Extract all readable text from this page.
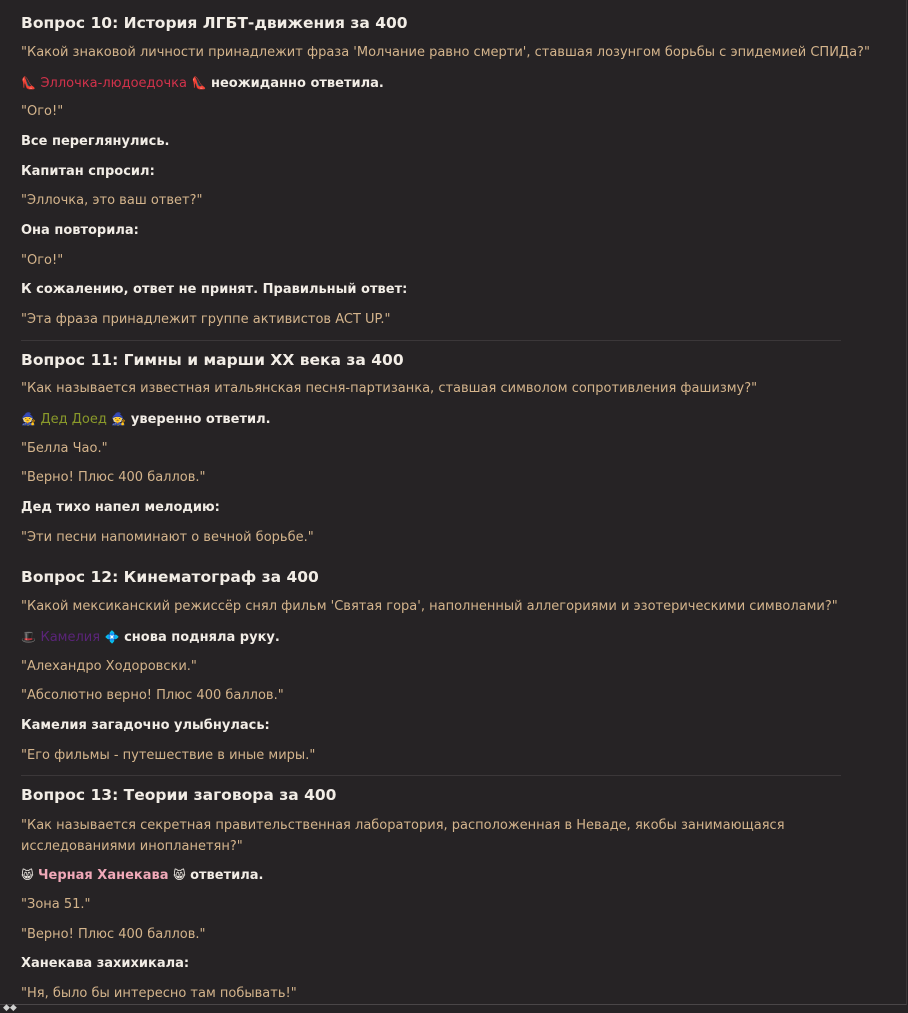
Вопрос 10: История ЛГБТ-движения за 400
"Какой знаковой личности принадлежит фраза 'Молчание равно смерти', ставшая лозунгом борьбы с эпидемией СПИДа?"
👠 Эллочка-людоедочка 👠 неожиданно ответила.
"Ого!"
Все переглянулись.
Капитан спросил:
"Эллочка, это ваш ответ?"
Она повторила:
"Ого!"
К сожалению, ответ не принят. Правильный ответ:
"Эта фраза принадлежит группе активистов ACT UP."
Вопрос 11: Гимны и марши XX века за 400
"Как называется известная итальянская песня-партизанка, ставшая символом сопротивления фашизму?"
🧙 Дед Доед 🧙 уверенно ответил.
"Белла Чао."
"Верно! Плюс 400 баллов."
Дед тихо напел мелодию:
"Эти песни напоминают о вечной борьбе."
Вопрос 12: Кинематограф за 400
"Какой мексиканский режиссёр снял фильм 'Святая гора', наполненный аллегориями и эзотерическими символами?"
🎩 Камелия 💠 снова подняла руку.
"Алехандро Ходоровски."
"Абсолютно верно! Плюс 400 баллов."
Камелия загадочно улыбнулась:
"Его фильмы - путешествие в иные миры."
Вопрос 13: Теории заговора за 400
"Как называется секретная правительственная лаборатория, расположенная в Неваде, якобы занимающаяся исследованиями инопланетян?"
😸 Черная Ханекава 😸 ответила.
"Зона 51."
"Верно! Плюс 400 баллов."
Ханекава захихикала:
"Ня, было бы интересно там побывать!"
◆◆
